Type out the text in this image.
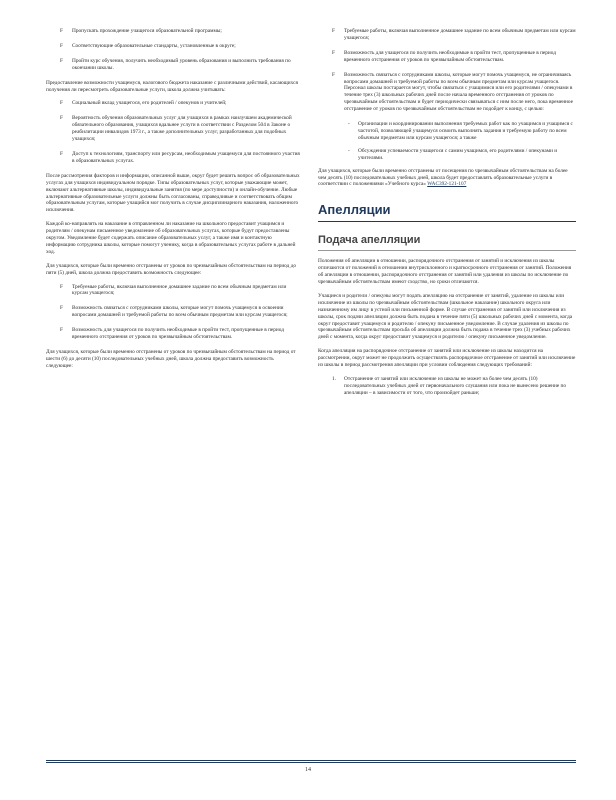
F Пропускать прохождение учащегося образовательной программы;
F Соответствующие образовательные стандарты, установленные в округе;
F Пройти курс обучения, получить необходимый уровень образования и выполнить требования по окончании школы.

Предоставление возможности учащемуся, налогового бюджета наказание с различными действий, касающихся получения ли пересмотреть образовательные услуги, школа должна учитывать:

F Социальный вклад учащегося, его родителей / опекунов и учителей;
F Вероятность обучения образовательных услуг для учащихся в рамках наилучшем академической обязательного образования, учащихся вдальнее услуги в соответствии с Разделом 504 в Законе о реабилитации инвалидов 1973 г., а также дополнительных услуг, разработанных для подобных учащихся;
F Доступ к технологиям, транспорту или ресурсам, необходимым учащемуся для постоянного участия в образовательных услугах.

После рассмотрения факторов и информации, описанной выше, округ будет решить вопрос об образовательных услугах для учащихся индивидуальном порядке. Типы образовательных услуг, которые уважающие может, включают альтернативные школы, индивидуальные занятия (по мере доступности) и онлайн-обучение. Любые альтернативные образовательные услуги должны быть согласованы, справедливые и соответствовать общим образовательным услугам, которые учащийся мог получить в случае дисциплинарного наказания, наложенного исключения.

Каждой ко-направлять на наказание в отправленном ли наказание на школьного предоставит учащимся и родителям / опекунам письменное уведомление об образовательных услугах, которые будут предоставлены округом. Уведомление будет содержать описание образовательных услуг, а также имя и контактную информацию сотрудника школы, которые помогут ученику, когда в образовательных услугах работе в дальней ход.

Для учащихся, которые были временно отстранены от уроков по чрезвычайным обстоятельствам на период до пяти (5) дней, школа должна предоставить возможность следующее:

F Требуемые работы, включая выполненное домашнее задание по всем обычным предметам или курсам учащегося;
F Возможность связаться с сотрудниками школы, которые могут помочь учащемуся в освоении вопросами домашней и требуемой работы по всем обычным предметам или курсам учащегося;
F Возможность для учащегося по получить необходимые в пройти тест, пропущенные в период временного отстранения от уроков по чрезвычайным обстоятельствам.

Для учащихся, которые были временно отстранены от уроков по чрезвычайным обстоятельствам на период от шести (6) до десяти (10) последовательных учебных дней, школа должна предоставить возможность следующее:

F Требуемые работы, включая выполненное домашнее задание по всем обычным предметам или курсам учащегося;
F Возможность для учащегося по получить необходимые в пройти тест, пропущенные в период временного отстранения от уроков по чрезвычайным обстоятельствам.
F Возможность связаться с сотрудниками школы, которые могут помочь учащемуся, не ограничиваясь вопросами домашней и требуемой работы по всем обычным предметам или курсам учащегося. Персонал школы постарается могут, чтобы связаться с учащимися или его родителями / опекунами в течение трех (3) школьных рабочих дней после начала временного отстранения от уроков по чрезвычайным обстоятельствам и будет периодически связываться с ним после него, пока временное отстранение от уроков по чрезвычайным обстоятельствам не подойдет к концу, с целью:
- Организации и координировании выполнения требуемых работ как по учащимся и учащимся с частотой, позволяющей учащемуся освоить выполнять задания и требуемую работу по всем обычным предметам или курсам учащегося; а также
- Обсуждения успеваемости учащегося с самим учащимся, его родителями / опекунами и учителями.

Для учащихся, которые были временно отстранены от посещения по чрезвычайным обстоятельствам на более чем десять (10) последовательных учебных дней, школа будет предоставлять образовательные услуги в соответствии с положениями «Учебного курса» WAC392-121-107

Апелляции
Подача апелляции

Положения об апелляции в отношении, распорядочного отстранения от занятий и исключения из школы отличаются от положений в отношении внутрисклонного и краткосрочного отстранения от занятий. Положения об апелляции в отношении, распорядочного отстранения от занятий или удаления из школы по исключение по чрезвычайным обстоятельствам имеют сходство, но сроки отличаются.

Учащиеся и родители / опекуны могут подать апелляцию на отстранение от занятий, удаление из школы или исключение из школы по чрезвычайным обстоятельствам (школьное наказание) школьного округа или назначенному им лицу в устной или письменной форме. В случае отстранения от занятий или исключения из школы, срок подачи апелляции должна быть подана в течение пяти (5) школьных рабочих дней с момента, когда округ предоставит учащемуся и родителю / опекуну письменное уведомление. В случае удаления из школы по чрезвычайным обстоятельствам просьба об апелляции должна быть подана в течение трех (3) учебных рабочих дней с момента, когда округ предоставит учащемуся и родителю / опекуну письменное уведомление.

Когда апелляция на распорядочное отстранение от занятий или исключение из школы находится на рассмотрении, округ может не продолжить осуществлять распорядочное отстранение от занятий или исключение из школы в период рассмотрения апелляции при условии соблюдения следующих требований:

1. Отстранение от занятий или исключение из школы не может на более чем десять (10) последовательных учебных дней от первоначального слушания или пока не вынесено решение по апелляции – в зависимости от того, что произойдет раньше;
14
